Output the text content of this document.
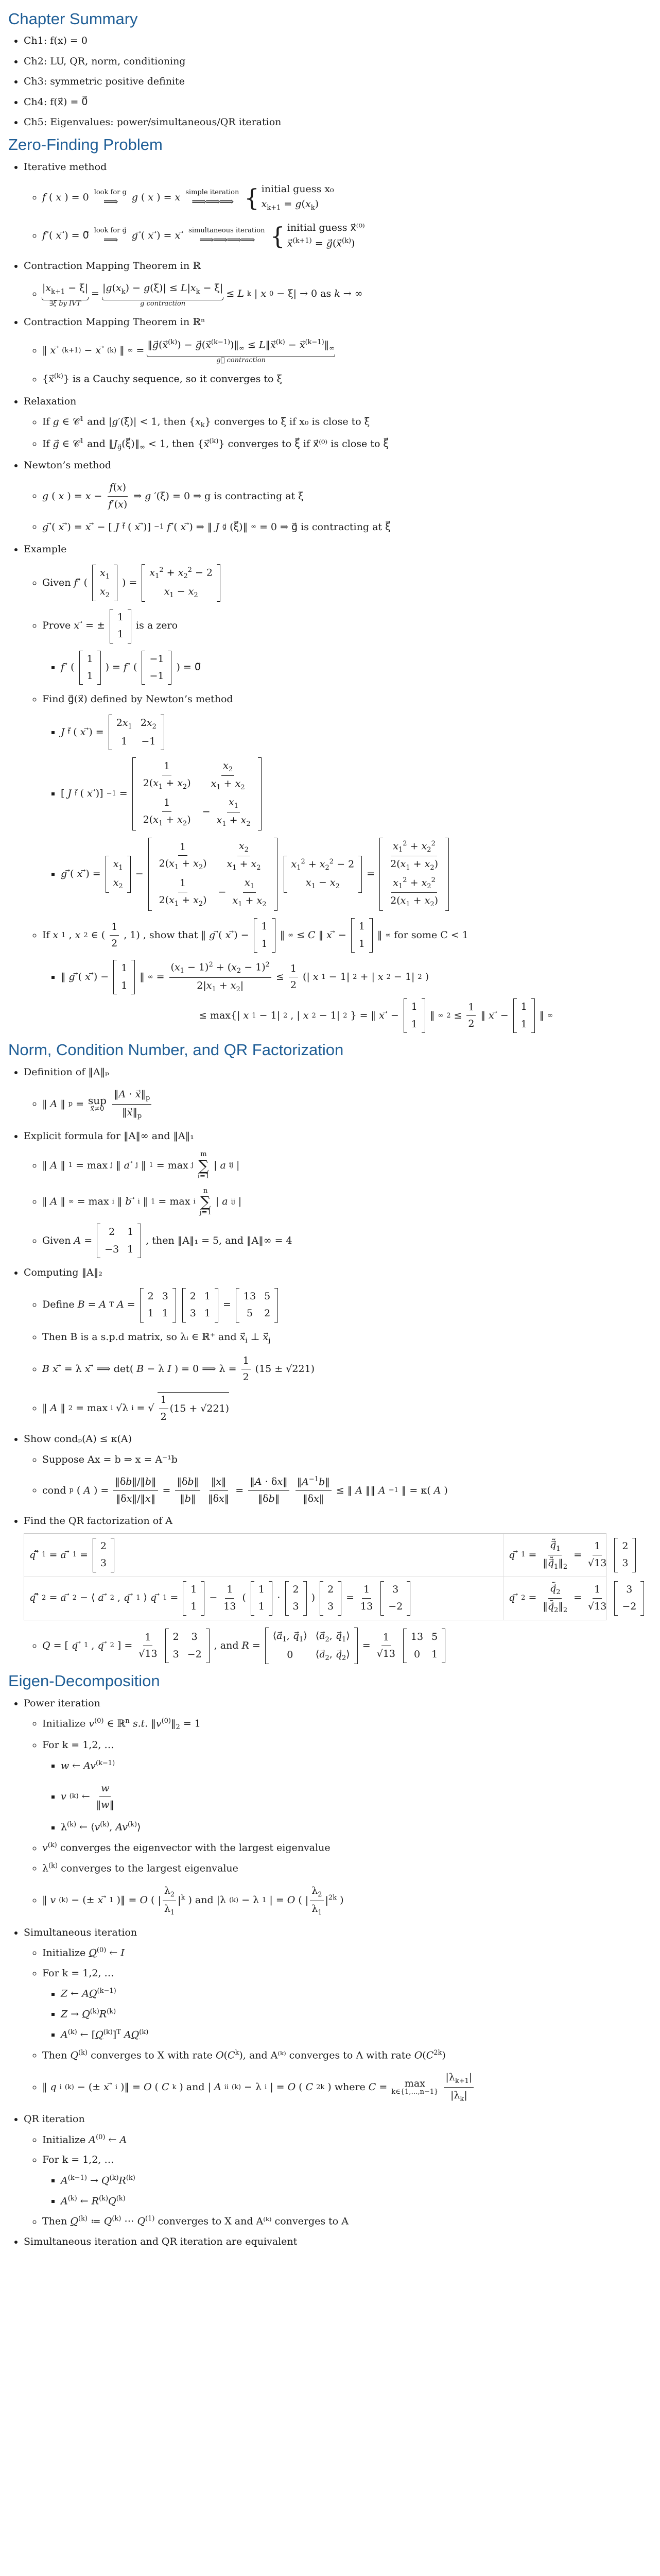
Chapter Summary
• Ch1: f(x) = 0
• Ch2: LU, QR, norm, conditioning
• Ch3: symmetric positive definite
• Ch4: f(x⃗) = 0⃗
• Ch5: Eigenvalues: power/simultaneous/QR iteration
Zero-Finding Problem
• Iterative method
◦ f ( x ) = 0 look for g
⟹ g ( x ) = x simple iteration
⟹⟹⟹ { initial guess x₀
$x_{k+1} = g(x_k)$
◦ f ⃗( x ⃗) = 0⃗ look for g⃗
⟹ g ⃗( x ⃗) = x simultaneous iteration
⟹⟹⟹⟹ { initial guess x⃗⁽⁰⁾
$x^{(k+1)}$ = $g⃗(x^{(k)})$
• Contraction Mapping Theorem in ℝ
◦ $|x_{k+1} - \xi|$
∃ξ by IVT
=
$|g(x_k) - g(\xi)| \le L|x_k - \xi|$
g contraction
≤ L k | x 0 − ξ| → 0 as k → ∞
• Contraction Mapping Theorem in ℝⁿ
◦ ‖ x (k+1) − x (k) ‖ ∞ =
$‖g⃗(x^{(k)})$ − $g⃗(x^{(k-1)})‖_\infty$ ≤ $L‖x^{(k)}$ − $x^{(k-1)}‖_\infty$
g⃗ contraction
◦ $\{x^{(k)}\}$ is a Cauchy sequence, so it converges to ξ
• Relaxation
◦ If g ∈ 𝒞$^1$ and |g′(ξ)| < 1, then $\{x_k\}$ converges to ξ if x₀ is close to ξ
◦ If g⃗ ∈ 𝒞$^1$ and $‖J_{g⃗}(\xi⃗)‖_\infty < 1$, then $\{x^{(k)}\}$ converges to ξ⃗ if x⃗⁽⁰⁾ is close to ξ⃗
• Newton’s method
◦ g ( x ) = $x - \frac{f(x)}{f'(x)}$ ⇒ g ′(ξ) = 0 ⇒ g is contracting at ξ
◦ g ⃗( x ⃗) = x ⃗ − [ J f⃗ ( x ⃗)] −1 f ⃗( x ⃗) ⇒ ‖ J g⃗ (ξ⃗)‖ ∞ = 0 ⇒ g⃗ is contracting at ξ⃗
• Example
◦ Given f ⃗ (
$x_1$
$x_2$
) =
$x_1^2 + x_2^2 - 2$
$x_1 - x_2$
◦ Prove x ⃗ = ±
1
1
is a zero
▪ f ⃗ (
1
1
) = f ⃗ (
−1
−1
) = 0⃗
◦ Find g⃗(x⃗) defined by Newton’s method
▪ J f⃗ ( x ⃗) =
$2x_1$	$2x_2$
1	−1
▪ [ J f⃗ ( x ⃗)] −1 =
$\frac{1}{2(x_1 + x_2)}$	$\frac{x_2}{x_1 + x_2}$

$\frac{1}{2(x_1 + x_2)}$	− $\frac{x_1}{x_1 + x_2}$
▪ g ⃗( x ⃗) =
$x_1$
$x_2$
−
$\frac{1}{2(x_1 + x_2)}$	$\frac{x_2}{x_1 + x_2}$

$\frac{1}{2(x_1 + x_2)}$	− $\frac{x_1}{x_1 + x_2}$
$x_1^2 + x_2^2 - 2$
$x_1 - x_2$
=
$\frac{x_1^2 + x_2^2}{2(x_1 + x_2)}$

$\frac{x_1^2 + x_2^2}{2(x_1 + x_2)}$
◦ If x 1 , x 2 ∈ ( $\frac{1}{2}$ , 1) , show that ‖ g ⃗( x ⃗) −
1
1
‖ ∞ ≤ C ‖ x ⃗ −
1
1
‖ ∞ for some C < 1
▪ ‖ g ⃗( x ⃗) −
1
1
‖ ∞ = $\frac{(x_1 - 1)^2 + (x_2 - 1)^2}{2|x_1 + x_2|} \le \frac{1}{2}$ (| x 1 − 1| 2 + | x 2 − 1| 2 ) ≤ max{| x 1 − 1| 2 , | x 2 − 1| 2 } = ‖ x ⃗ −
1
1
‖ ∞ $2 \le \frac{1}{2}$ ‖ x ⃗ −
1
1
‖ ∞
Norm, Condition Number, and QR Factorization
• Definition of ‖A‖ₚ
◦ ‖ A ‖ p = sup
x⃗≠0 $\frac{‖A \cdot x⃗‖_p}{‖x⃗‖_p}$
• Explicit formula for ‖A‖∞ and ‖A‖₁
◦ ‖ A ‖ 1 = max j ‖ a j ‖ 1 = max j
m
∑
i=1
| a ij |
◦ ‖ A ‖ ∞ = max i ‖ b i ‖ 1 = max i
n
∑
j=1
| a ij |
◦ Given A =
2	1
−3	1
, then ‖A‖₁ = 5, and ‖A‖∞ = 4
• Computing ‖A‖₂
◦ Define B = A T A =
2	3
1	1
2	1
3	1
=
13	5
5	2
◦ Then B is a s.p.d matrix, so λᵢ ∈ ℝ⁺ and $x_i$ ⊥ $x_j$
◦ B x ⃗ = λ x ⃗ ⟹ det( B − λ I ) = 0 ⟹ $\lambda = \frac{1}{2} (15 \pm √221)$
◦ ‖ A ‖ 2 = max i √λ i = √ $\frac{1}{2} (15 + √221)$
• Show condₚ(A) ≤ κ(A)
◦ Suppose Ax = b ⇒ x = A⁻¹b
◦ cond p ( A ) = $\frac{‖\delta b‖/‖b‖}{‖\delta x‖/‖x‖} = \frac{‖\delta b‖}{‖b‖} \frac{‖x‖}{‖\delta x‖} = \frac{‖A \cdot \delta x‖}{‖\delta b‖} \frac{‖A^{-1}b‖}{‖\delta x‖}$ ≤ ‖ A ‖‖ A −1 ‖ = κ( A )
• Find the QR factorization of A
q 1 = a 1 =
2
3
q $1 = \frac{q_1}{‖q_1‖_2} = \frac{1}{√13} 2$
3
q 2 = a 2 − ⟨ a 2 , q 1 ⟩ q 1 =
1
1
− $\frac{1}{13}$ (
1
1
⋅
2
3
)
2
3
= $\frac{1}{13} 3$
−2
q $2 = \frac{q_2}{‖q_2‖_2} = \frac{1}{√13} 3$
−2
◦ Q = [ q 1 , q 2 ] = $\frac{1}{√13} 2$	3
3	−2
, and R =
$⟨a_1$, $q_1⟩$	$⟨a_2$, $q_1⟩$
0	$⟨a_2$, $q_2⟩$
= $\frac{1}{√13} 13$	5
0	1
Eigen-Decomposition
• Power iteration
◦ Initialize $v^{(0)}$ ∈ ℝ$^n$ s.t. $‖v^{(0)}‖_2 = 1$
◦ For k = 1,2, …
▪ w ← $Av^{(k-1)}$
▪ v (k) ← $\frac{w}{‖w‖}$
▪ $\lambda^{(k)}$ ← $⟨v^{(k)}$, Av$^{(k)}$⟩
◦ $v^{(k)}$ converges the eigenvector with the largest eigenvalue
◦ $\lambda^{(k)}$ converges to the largest eigenvalue
◦ ‖ v (k) − (± x 1 )‖ = O ( | $\frac{\lambda_2}{\lambda_1} |^k$ ) and |λ (k) − λ 1 | = O ( | $\frac{\lambda_2}{\lambda_1} |^{2k}$ )
• Simultaneous iteration
◦ Initialize $Q^{(0)}$ ← I
◦ For k = 1,2, …
▪ Z ← $AQ^{(k-1)}$
▪ $Z \to Q^{(k)}R^{(k)}$
▪ $A^{(k)}$ ← $[Q^{(k)}]^T$ AQ$^{(k)}$
◦ Then $Q^{(k)}$ converges to X with rate $O(C^k)$, and A⁽ᵏ⁾ converges to Λ with rate $O(C^{2k})$
◦ ‖ q i (k) − (± x i )‖ = O ( C k ) and | A ii (k) − λ i | = O ( C 2k ) where C = max
k∈{1,…,n−1} $\frac{|\lambda_{k+1}|}{|\lambda_k|}$
• QR iteration
◦ Initialize $A^{(0)}$ ← A
◦ For k = 1,2, …
▪ $A^{(k-1)} \to Q^{(k)}R^{(k)}$
▪ $A^{(k)}$ ← $R^{(k)}Q^{(k)}$
◦ Then $Q^{(k)}$ ≔ $Q^{(k)}$ ⋯ $Q^{(1)}$ converges to X and A⁽ᵏ⁾ converges to A
• Simultaneous iteration and QR iteration are equivalent
